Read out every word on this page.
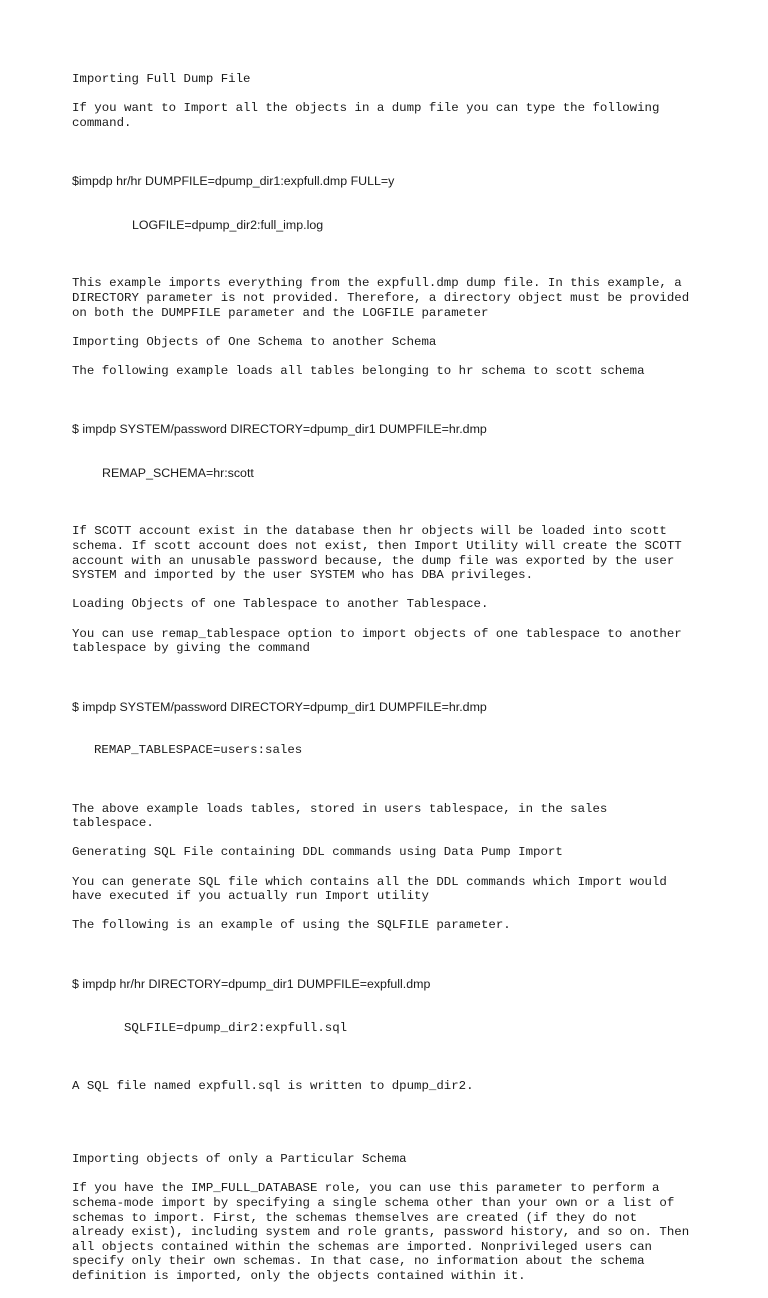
Importing Full Dump File

If you want to Import all the objects in a dump file you can type the following
command.

$impdp hr/hr DUMPFILE=dpump_dir1:expfull.dmp FULL=y

LOGFILE=dpump_dir2:full_imp.log

This example imports everything from the expfull.dmp dump file. In this example, a
DIRECTORY parameter is not provided. Therefore, a directory object must be provided
on both the DUMPFILE parameter and the LOGFILE parameter

Importing Objects of One Schema to another Schema

The following example loads all tables belonging to hr schema to scott schema

$ impdp SYSTEM/password DIRECTORY=dpump_dir1 DUMPFILE=hr.dmp

REMAP_SCHEMA=hr:scott

If SCOTT account exist in the database then hr objects will be loaded into scott
schema. If scott account does not exist, then Import Utility will create the SCOTT
account with an unusable password because, the dump file was exported by the user
SYSTEM and imported by the user SYSTEM who has DBA privileges.

Loading Objects of one Tablespace to another Tablespace.

You can use remap_tablespace option to import objects of one tablespace to another
tablespace by giving the command

$ impdp SYSTEM/password DIRECTORY=dpump_dir1 DUMPFILE=hr.dmp

REMAP_TABLESPACE=users:sales

The above example loads tables, stored in users tablespace, in the sales
tablespace.

Generating SQL File containing DDL commands using Data Pump Import

You can generate SQL file which contains all the DDL commands which Import would
have executed if you actually run Import utility

The following is an example of using the SQLFILE parameter.

$ impdp hr/hr DIRECTORY=dpump_dir1 DUMPFILE=expfull.dmp

SQLFILE=dpump_dir2:expfull.sql

A SQL file named expfull.sql is written to dpump_dir2.

Importing objects of only a Particular Schema

If you have the IMP_FULL_DATABASE role, you can use this parameter to perform a
schema-mode import by specifying a single schema other than your own or a list of
schemas to import. First, the schemas themselves are created (if they do not
already exist), including system and role grants, password history, and so on. Then
all objects contained within the schemas are imported. Nonprivileged users can
specify only their own schemas. In that case, no information about the schema
definition is imported, only the objects contained within it.
